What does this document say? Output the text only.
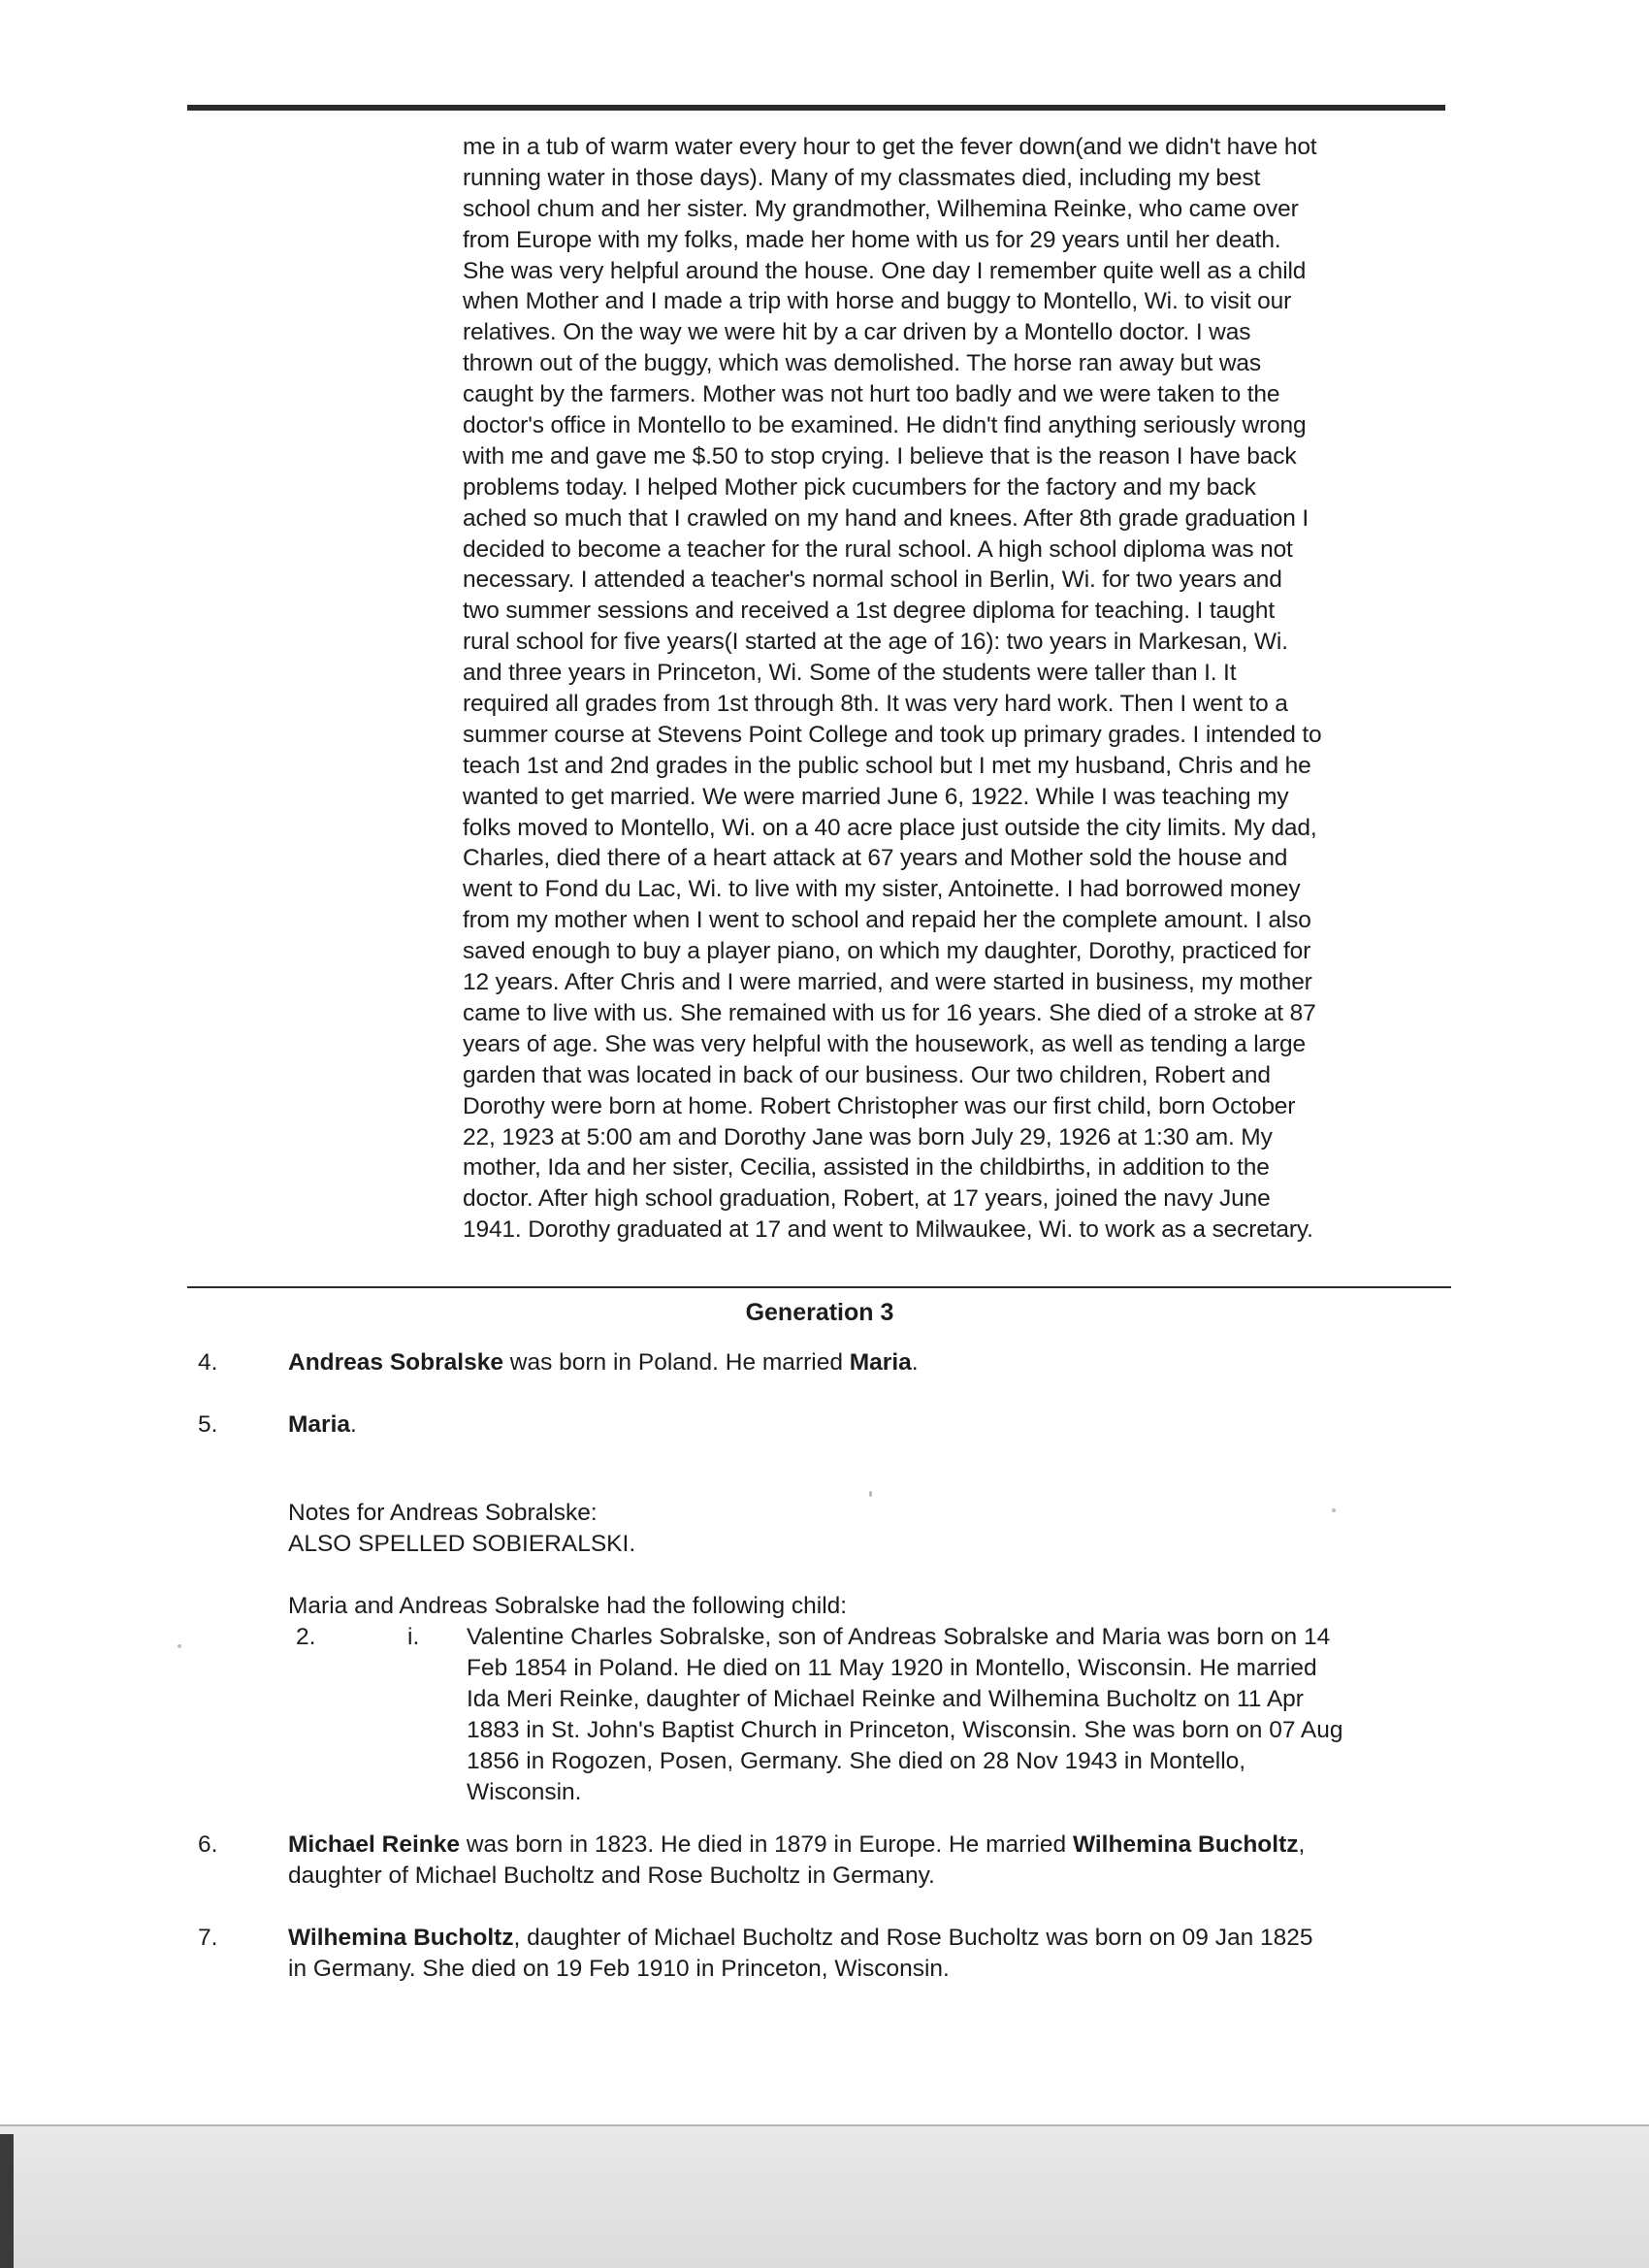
me in a tub of warm water every hour to get the fever down(and we didn't have hot
running water in those days). Many of my classmates died, including my best
school chum and her sister. My grandmother, Wilhemina Reinke, who came over
from Europe with my folks, made her home with us for 29 years until her death.
She was very helpful around the house. One day I remember quite well as a child
when Mother and I made a trip with horse and buggy to Montello, Wi. to visit our
relatives. On the way we were hit by a car driven by a Montello doctor. I was
thrown out of the buggy, which was demolished. The horse ran away but was
caught by the farmers. Mother was not hurt too badly and we were taken to the
doctor's office in Montello to be examined. He didn't find anything seriously wrong
with me and gave me $.50 to stop crying. I believe that is the reason I have back
problems today. I helped Mother pick cucumbers for the factory and my back
ached so much that I crawled on my hand and knees. After 8th grade graduation I
decided to become a teacher for the rural school. A high school diploma was not
necessary. I attended a teacher's normal school in Berlin, Wi. for two years and
two summer sessions and received a 1st degree diploma for teaching. I taught
rural school for five years(I started at the age of 16): two years in Markesan, Wi.
and three years in Princeton, Wi. Some of the students were taller than I. It
required all grades from 1st through 8th. It was very hard work. Then I went to a
summer course at Stevens Point College and took up primary grades. I intended to
teach 1st and 2nd grades in the public school but I met my husband, Chris and he
wanted to get married. We were married June 6, 1922. While I was teaching my
folks moved to Montello, Wi. on a 40 acre place just outside the city limits. My dad,
Charles, died there of a heart attack at 67 years and Mother sold the house and
went to Fond du Lac, Wi. to live with my sister, Antoinette. I had borrowed money
from my mother when I went to school and repaid her the complete amount. I also
saved enough to buy a player piano, on which my daughter, Dorothy, practiced for
12 years. After Chris and I were married, and were started in business, my mother
came to live with us. She remained with us for 16 years. She died of a stroke at 87
years of age. She was very helpful with the housework, as well as tending a large
garden that was located in back of our business. Our two children, Robert and
Dorothy were born at home. Robert Christopher was our first child, born October
22, 1923 at 5:00 am and Dorothy Jane was born July 29, 1926 at 1:30 am. My
mother, Ida and her sister, Cecilia, assisted in the childbirths, in addition to the
doctor. After high school graduation, Robert, at 17 years, joined the navy June
1941. Dorothy graduated at 17 and went to Milwaukee, Wi. to work as a secretary.
Generation 3
4.	Andreas Sobralske was born in Poland. He married Maria.
5.	Maria.
Notes for Andreas Sobralske:
ALSO SPELLED SOBIERALSKI.
Maria and Andreas Sobralske had the following child:
2.	i. Valentine Charles Sobralske, son of Andreas Sobralske and Maria was born on 14
Feb 1854 in Poland. He died on 11 May 1920 in Montello, Wisconsin. He married
Ida Meri Reinke, daughter of Michael Reinke and Wilhemina Bucholtz on 11 Apr
1883 in St. John's Baptist Church in Princeton, Wisconsin. She was born on 07 Aug
1856 in Rogozen, Posen, Germany. She died on 28 Nov 1943 in Montello,
Wisconsin.
6.	Michael Reinke was born in 1823. He died in 1879 in Europe. He married Wilhemina Bucholtz,
daughter of Michael Bucholtz and Rose Bucholtz in Germany.
7.	Wilhemina Bucholtz, daughter of Michael Bucholtz and Rose Bucholtz was born on 09 Jan 1825
in Germany. She died on 19 Feb 1910 in Princeton, Wisconsin.
